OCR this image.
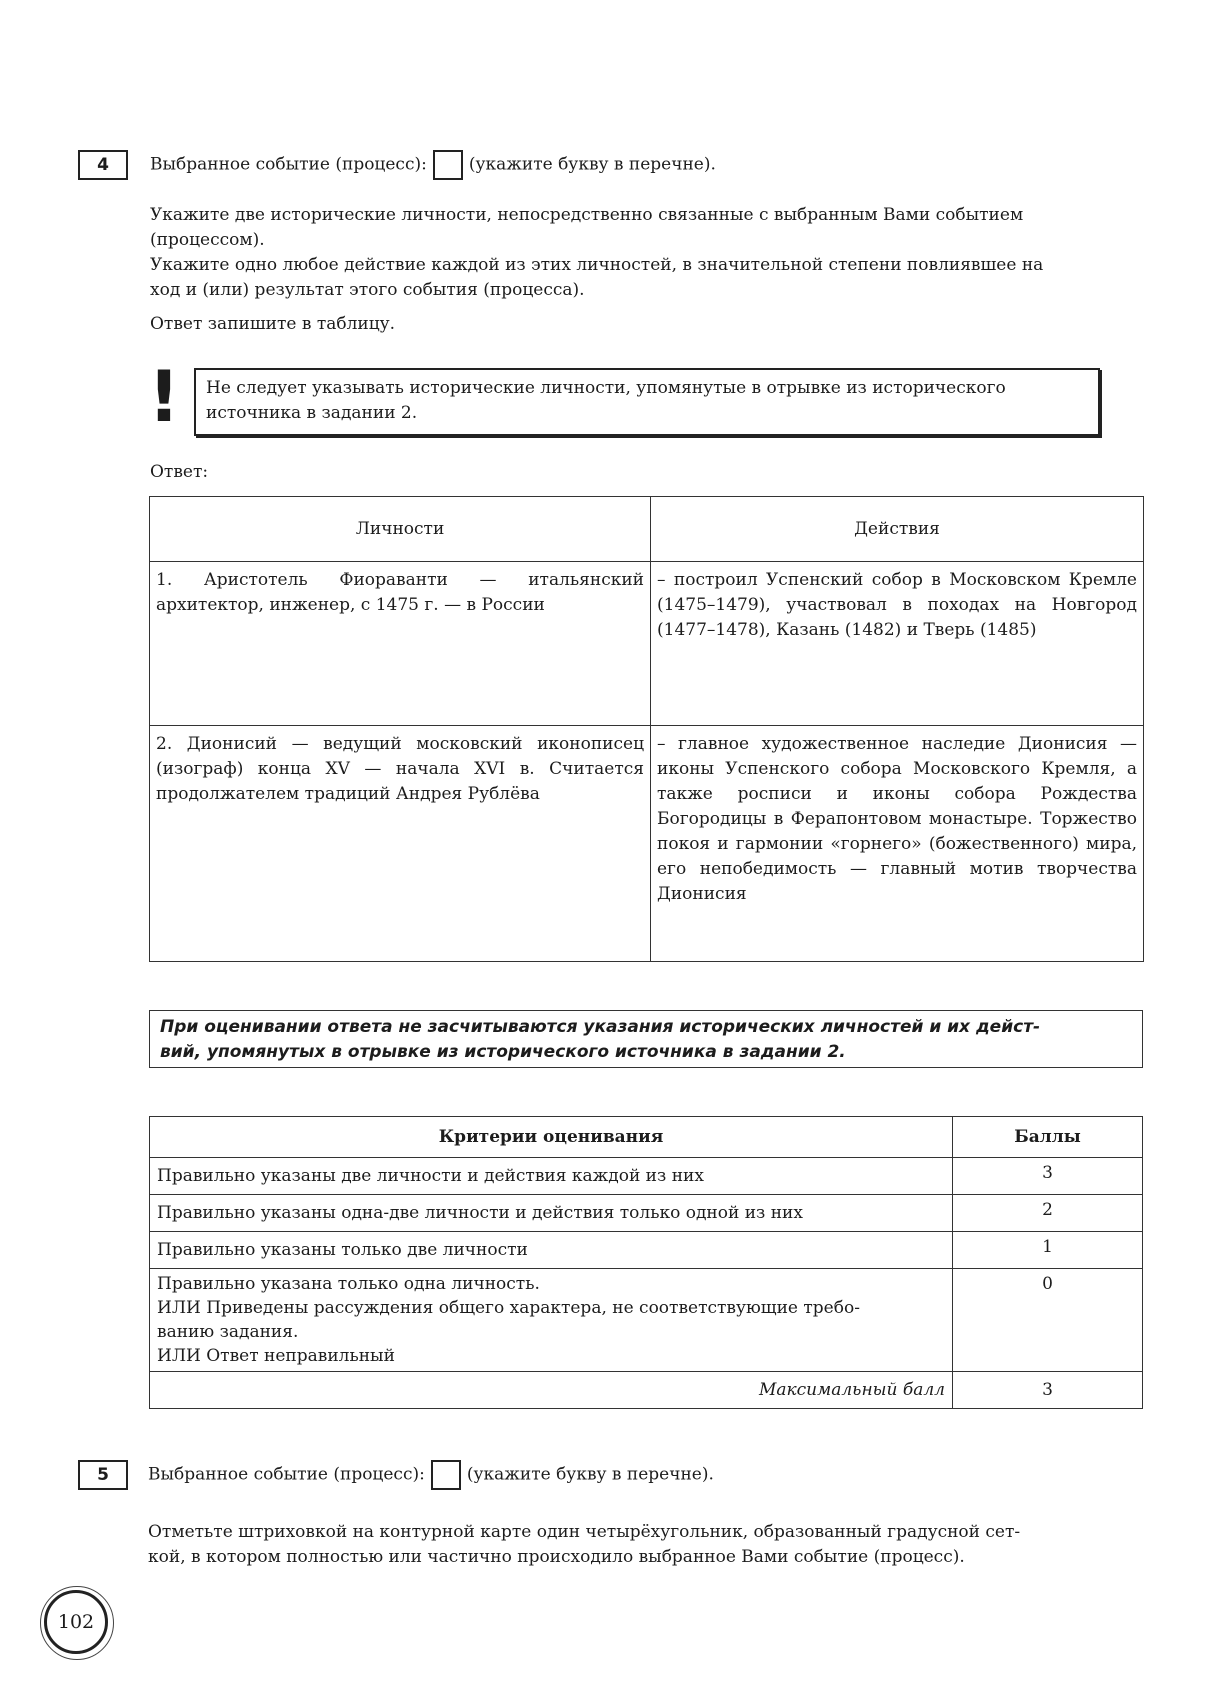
4	Выбранное событие (процесс): (укажите букву в перечне).
Укажите две исторические личности, непосредственно связанные с выбранным Вами событием
(процессом).
Укажите одно любое действие каждой из этих личностей, в значительной степени повлиявшее на
ход и (или) результат этого события (процесса).
Ответ запишите в таблицу.
! Не следует указывать исторические личности, упомянутые в отрывке из исторического
источника в задании 2.
Ответ:
Личности	Действия
1. Аристотель Фиораванти — итальянский архитектор, инженер, с 1475 г. — в России	– построил Успенский собор в Московском Кремле (1475–1479), участвовал в походах на Новгород (1477–1478), Казань (1482) и Тверь (1485)
2. Дионисий — ведущий московский иконописец (изограф) конца XV — начала XVI в. Считается продолжателем традиций Андрея Рублёва	– главное художественное наследие Дионисия — иконы Успенского собора Московского Кремля, а также росписи и иконы собора Рождества Богородицы в Ферапонтовом монастыре. Торжество покоя и гармонии «горнего» (божественного) мира, его непобедимость — главный мотив творчества Дионисия
При оценивании ответа не засчитываются указания исторических личностей и их дейст-
вий, упомянутых в отрывке из исторического источника в задании 2.
Критерии оценивания	Баллы

Правильно указаны две личности и действия каждой из них	3

Правильно указаны одна-две личности и действия только одной из них	2

Правильно указаны только две личности	1

Правильно указана только одна личность.
ИЛИ Приведены рассуждения общего характера, не соответствующие требо-
ванию задания.
ИЛИ Ответ неправильный	0
Максимальный балл	3
5	Выбранное событие (процесс): (укажите букву в перечне).
Отметьте штриховкой на контурной карте один четырёхугольник, образованный градусной сет-
кой, в котором полностью или частично происходило выбранное Вами событие (процесс).
102
